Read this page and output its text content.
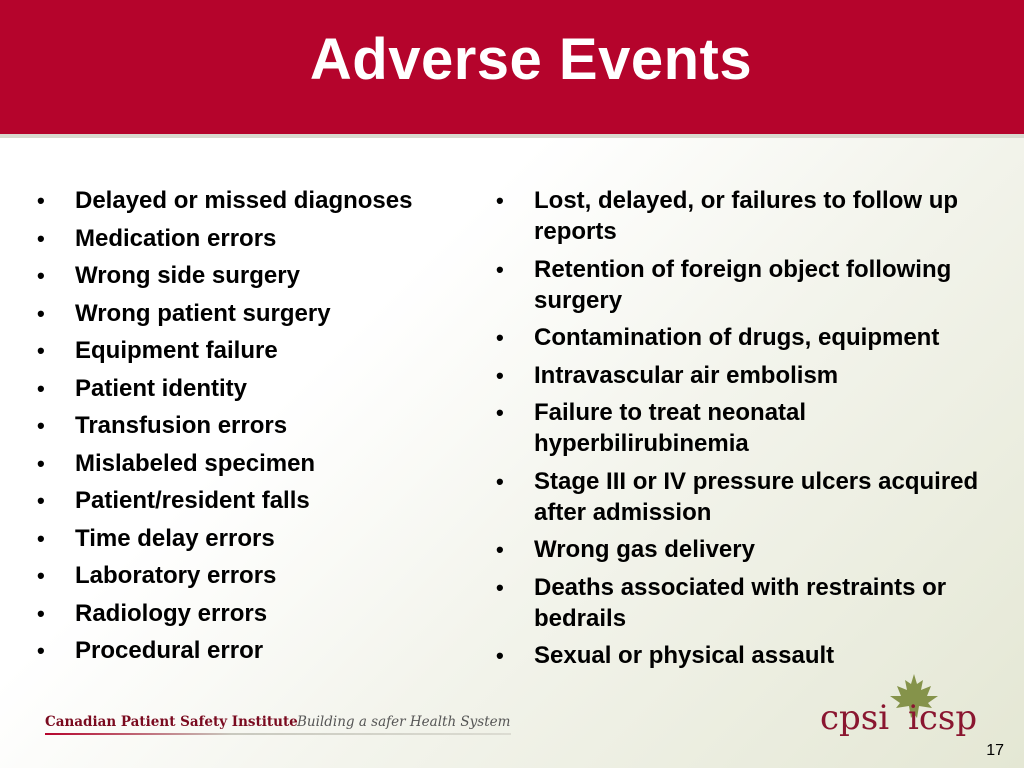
Adverse Events
• Delayed or missed diagnoses
• Medication errors
• Wrong side surgery
• Wrong patient surgery
• Equipment failure
• Patient identity
• Transfusion errors
• Mislabeled specimen
• Patient/resident falls
• Time delay errors
• Laboratory errors
• Radiology errors
• Procedural error
• Lost, delayed, or failures to follow up reports
• Retention of foreign object following surgery
• Contamination of drugs, equipment
• Intravascular air embolism
• Failure to treat neonatal hyperbilirubinemia
• Stage III or IV pressure ulcers acquired after admission
• Wrong gas delivery
• Deaths associated with restraints or bedrails
• Sexual or physical assault
Canadian Patient Safety Institute Building a safer Health System	cpsi icsp
17
